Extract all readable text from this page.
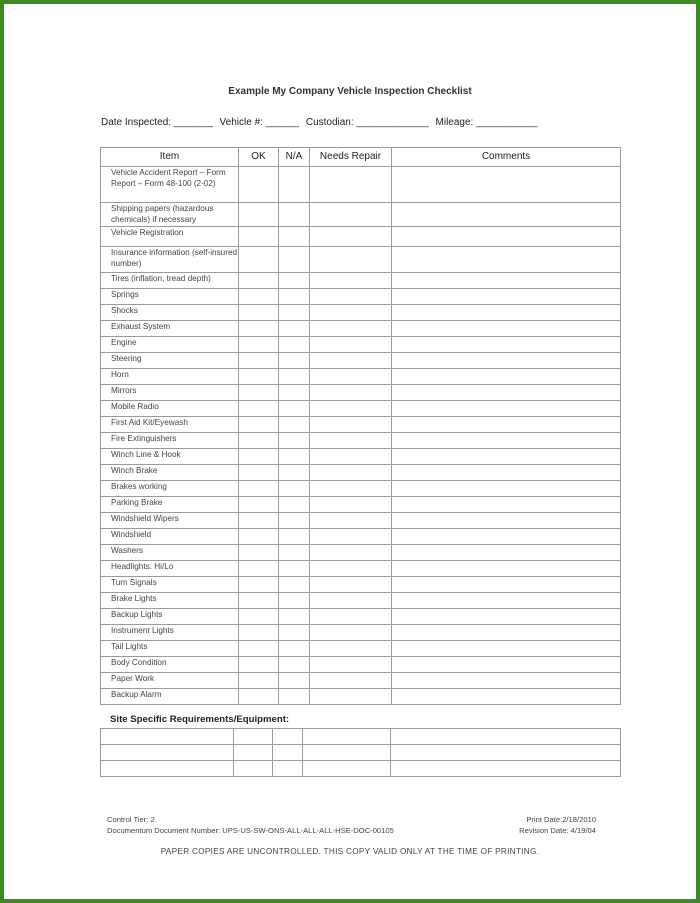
Example My Company Vehicle Inspection Checklist
Date Inspected: _______ Vehicle #: ______ Custodian: _____________ Mileage: ___________
Item	OK	N/A	Needs Repair	Comments
Vehicle Accident Report – Form Report – Form 48-100 (2-02)				
Shipping papers (hazardous chemicals) if necessary				
Vehicle Registration				
Insurance information (self-insured number)				
Tires (inflation, tread depth)				
Springs				
Shocks				
Exhaust System				
Engine				
Steering				
Horn				
Mirrors				
Mobile Radio				
First Aid Kit/Eyewash				
Fire Extinguishers				
Winch Line & Hook				
Winch Brake				
Brakes working				
Parking Brake				
Windshield Wipers				
Windshield				
Washers				
Headlights: Hi/Lo				
Turn Signals				
Brake Lights				
Backup Lights				
Instrument Lights				
Tail Lights				
Body Condition				
Paper Work				
Backup Alarm				
Site Specific Requirements/Equipment:

Control Tier: 2
Documentum Document Number: UPS-US-SW-ONS-ALL-ALL-ALL-HSE-DOC-00105
Print Date:2/18/2010
Revision Date: 4/19/04
PAPER COPIES ARE UNCONTROLLED. THIS COPY VALID ONLY AT THE TIME OF PRINTING.
